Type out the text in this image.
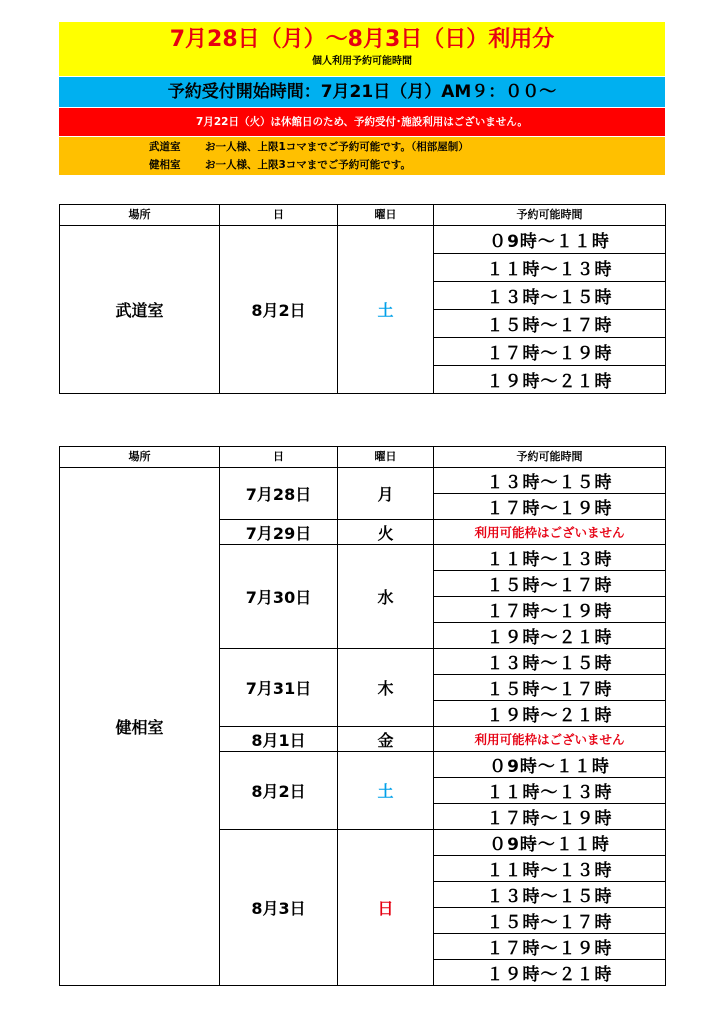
7月28日（月）～8月3日（日）利用分
個人利用予約可能時間
予約受付開始時間：7月21日（月）AM９：００～
7月22日（火）は休館日のため、予約受付･施設利用はございません。
武道室 お一人様、上限1コマまでご予約可能です。（相部屋制）
健相室 お一人様、上限3コマまでご予約可能です。
場所	日	曜日	予約可能時間
武道室	8月2日	土	０9時～１１時
			１１時～１３時
			１３時～１５時
			１５時～１７時
			１７時～１９時
			１９時～２１時
場所	日	曜日	予約可能時間
健相室	7月28日	月	１３時～１５時
			１７時～１９時
	7月29日	火	利用可能枠はございません
	7月30日	水	１１時～１３時
			１５時～１７時
			１７時～１９時
			１９時～２１時
	7月31日	木	１３時～１５時
			１５時～１７時
			１９時～２１時
	8月1日	金	利用可能枠はございません
	8月2日	土	０9時～１１時
			１１時～１３時
			１７時～１９時
	8月3日	日	０9時～１１時
			１１時～１３時
			１３時～１５時
			１５時～１７時
			１７時～１９時
			１９時～２１時
